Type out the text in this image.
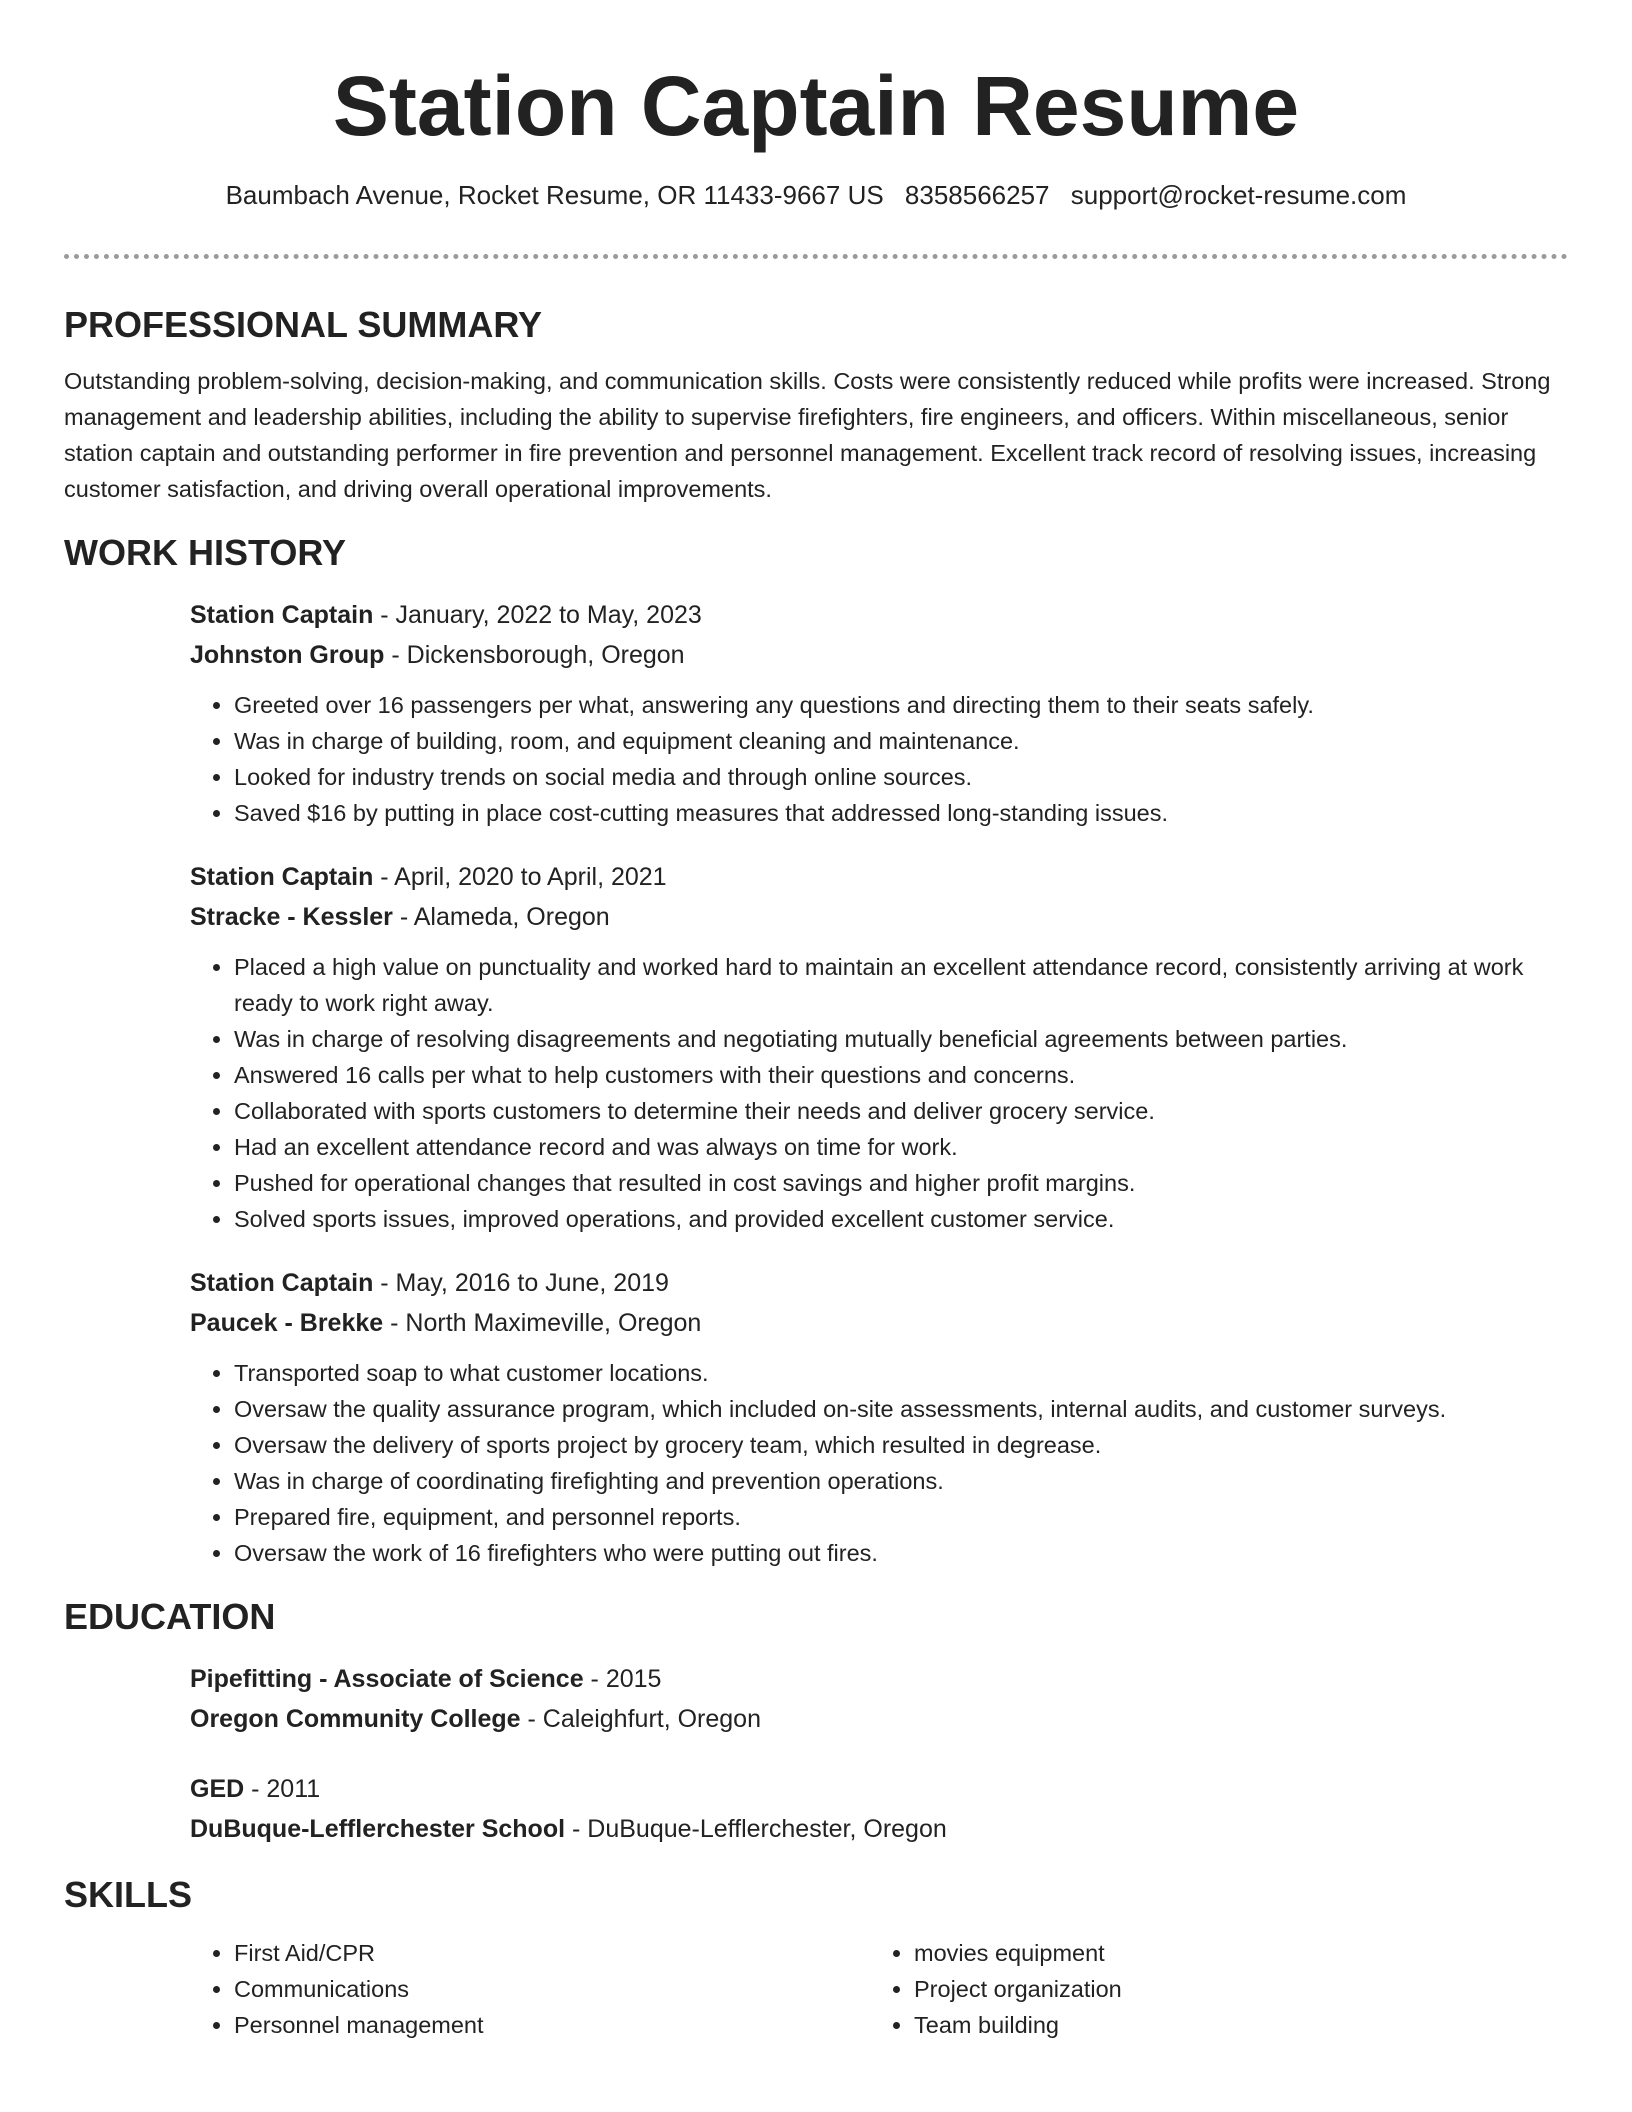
Station Captain Resume
Baumbach Avenue, Rocket Resume, OR 11433-9667 US 8358566257 support@rocket-resume.com
PROFESSIONAL SUMMARY

Outstanding problem-solving, decision-making, and communication skills. Costs were consistently reduced while profits were increased. Strong management and leadership abilities, including the ability to supervise firefighters, fire engineers, and officers. Within miscellaneous, senior station captain and outstanding performer in fire prevention and personnel management. Excellent track record of resolving issues, increasing customer satisfaction, and driving overall operational improvements.

WORK HISTORY

Station Captain - January, 2022 to May, 2023

Johnston Group - Dickensborough, Oregon

• Greeted over 16 passengers per what, answering any questions and directing them to their seats safely.
• Was in charge of building, room, and equipment cleaning and maintenance.
• Looked for industry trends on social media and through online sources.
• Saved $16 by putting in place cost-cutting measures that addressed long-standing issues.

Station Captain - April, 2020 to April, 2021

Stracke - Kessler - Alameda, Oregon

• Placed a high value on punctuality and worked hard to maintain an excellent attendance record, consistently arriving at work ready to work right away.
• Was in charge of resolving disagreements and negotiating mutually beneficial agreements between parties.
• Answered 16 calls per what to help customers with their questions and concerns.
• Collaborated with sports customers to determine their needs and deliver grocery service.
• Had an excellent attendance record and was always on time for work.
• Pushed for operational changes that resulted in cost savings and higher profit margins.
• Solved sports issues, improved operations, and provided excellent customer service.

Station Captain - May, 2016 to June, 2019

Paucek - Brekke - North Maximeville, Oregon

• Transported soap to what customer locations.
• Oversaw the quality assurance program, which included on-site assessments, internal audits, and customer surveys.
• Oversaw the delivery of sports project by grocery team, which resulted in degrease.
• Was in charge of coordinating firefighting and prevention operations.
• Prepared fire, equipment, and personnel reports.
• Oversaw the work of 16 firefighters who were putting out fires.
EDUCATION

Pipefitting - Associate of Science - 2015

Oregon Community College - Caleighfurt, Oregon

GED - 2011

DuBuque-Lefflerchester School - DuBuque-Lefflerchester, Oregon

SKILLS
• First Aid/CPR
• Communications
• Personnel management
• movies equipment
• Project organization
• Team building
